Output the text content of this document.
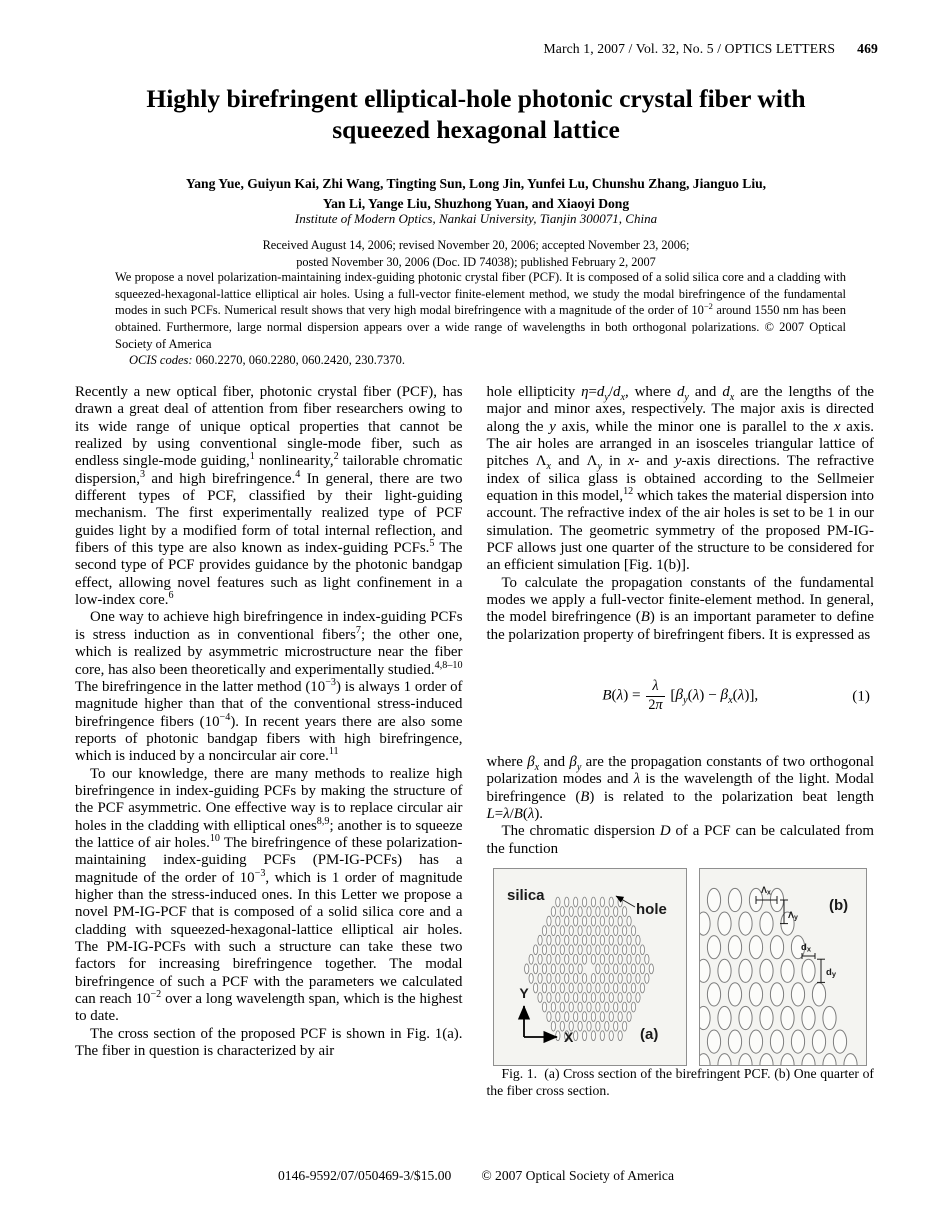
March 1, 2007 / Vol. 32, No. 5 / OPTICS LETTERS 469
Highly birefringent elliptical-hole photonic crystal fiber with squeezed hexagonal lattice
Yang Yue, Guiyun Kai, Zhi Wang, Tingting Sun, Long Jin, Yunfei Lu, Chunshu Zhang, Jianguo Liu,
Yan Li, Yange Liu, Shuzhong Yuan, and Xiaoyi Dong
Institute of Modern Optics, Nankai University, Tianjin 300071, China
Received August 14, 2006; revised November 20, 2006; accepted November 23, 2006;
posted November 30, 2006 (Doc. ID 74038); published February 2, 2007

We propose a novel polarization-maintaining index-guiding photonic crystal fiber (PCF). It is composed of a solid silica core and a cladding with squeezed-hexagonal-lattice elliptical air holes. Using a full-vector finite-element method, we study the modal birefringence of the fundamental modes in such PCFs. Numerical result shows that very high modal birefringence with a magnitude of the order of $10^{-2}$ around 1550 nm has been obtained. Furthermore, large normal dispersion appears over a wide range of wavelengths in both orthogonal polarizations. © 2007 Optical Society of America

OCIS codes: 060.2270, 060.2280, 060.2420, 230.7370.

Recently a new optical fiber, photonic crystal fiber (PCF), has drawn a great deal of attention from fiber researchers owing to its wide range of unique optical properties that cannot be realized by using conventional single-mode fiber, such as endless single-mode guiding,$^1$ nonlinearity,$^2$ tailorable chromatic dispersion,$^3$ and high birefringence.$^4$ In general, there are two different types of PCF, classified by their light-guiding mechanism. The first experimentally realized type of PCF guides light by a modified form of total internal reflection, and fibers of this type are also known as index-guiding PCFs.$^5$ The second type of PCF provides guidance by the photonic bandgap effect, allowing novel features such as light confinement in a low-index core.$^6$

One way to achieve high birefringence in index-guiding PCFs is stress induction as in conventional fibers$^7$; the other one, which is realized by asymmetric microstructure near the fiber core, has also been theoretically and experimentally studied.$^{4,8-10}$ The birefringence in the latter method $(10^{-3})$ is always 1 order of magnitude higher than that of the conventional stress-induced birefringence fibers $(10^{-4})$. In recent years there are also some reports of photonic bandgap fibers with high birefringence, which is induced by a noncircular air core.$^{11}$

To our knowledge, there are many methods to realize high birefringence in index-guiding PCFs by making the structure of the PCF asymmetric. One effective way is to replace circular air holes in the cladding with elliptical ones$^{8,9}$; another is to squeeze the lattice of air holes.$^{10}$ The birefringence of these polarization-maintaining index-guiding PCFs (PM-IG-PCFs) has a magnitude of the order of $10^{-3}$, which is 1 order of magnitude higher than the stress-induced ones. In this Letter we propose a novel PM-IG-PCF that is composed of a solid silica core and a cladding with squeezed-hexagonal-lattice elliptical air holes. The PM-IG-PCFs with such a structure can take these two factors for increasing birefringence together. The modal birefringence of such a PCF with the parameters we calculated can reach $10^{-2}$ over a long wavelength span, which is the highest to date.

The cross section of the proposed PCF is shown in Fig. 1(a). The fiber in question is characterized by air

hole ellipticity $\eta=d_y/d_x$, where $d_y$ and $d_x$ are the lengths of the major and minor axes, respectively. The major axis is directed along the y axis, while the minor one is parallel to the x axis. The air holes are arranged in an isosceles triangular lattice of pitches $\Lambda_x$ and $\Lambda_y$ in x- and y-axis directions. The refractive index of silica glass is obtained according to the Sellmeier equation in this model,$^{12}$ which takes the material dispersion into account. The refractive index of the air holes is set to be 1 in our simulation. The geometric symmetry of the proposed PM-IG-PCF allows just one quarter of the structure to be considered for an efficient simulation [Fig. 1(b)].

To calculate the propagation constants of the fundamental modes we apply a full-vector finite-element method. In general, the model birefringence (B) is an important parameter to define the polarization property of birefringent fibers. It is expressed as

$B(\lambda) = \frac{\lambda}{2\pi} [\beta_y(\lambda) - \beta_x(\lambda)]$,	(1)

where $\beta_x$ and $\beta_y$ are the propagation constants of two orthogonal polarization modes and λ is the wavelength of the light. Modal birefringence (B) is related to the polarization beat length L=λ/B(λ).

The chromatic dispersion D of a PCF can be calculated from the function

silica
hole
Y
X	(a)
Λx
Λy
dx
dy
(b)

Fig. 1.  (a) Cross section of the birefringent PCF. (b) One quarter of the fiber cross section.

0146-9592/07/050469-3/$15.00 © 2007 Optical Society of America
